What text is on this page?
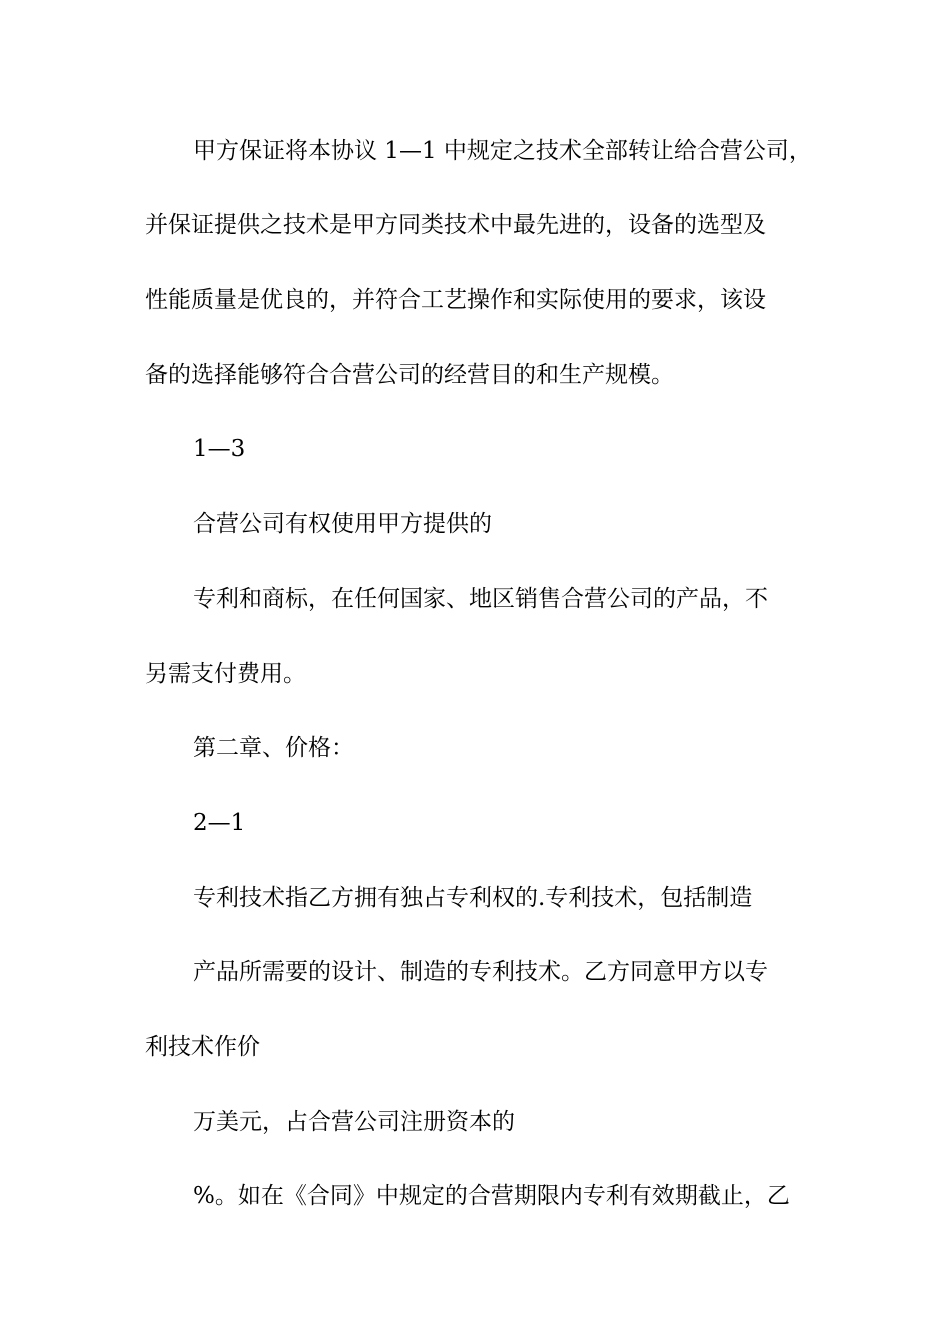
甲方保证将本协议 1—1 中规定之技术全部转让给合营公司，
并保证提供之技术是甲方同类技术中最先进的，设备的选型及
性能质量是优良的，并符合工艺操作和实际使用的要求，该设
备的选择能够符合合营公司的经营目的和生产规模。
1—3
合营公司有权使用甲方提供的
专利和商标，在任何国家、地区销售合营公司的产品，不
另需支付费用。
第二章、价格：
2—1
专利技术指乙方拥有独占专利权的.专利技术，包括制造
产品所需要的设计、制造的专利技术。乙方同意甲方以专
利技术作价
万美元，占合营公司注册资本的
%。如在《合同》中规定的合营期限内专利有效期截止，乙
